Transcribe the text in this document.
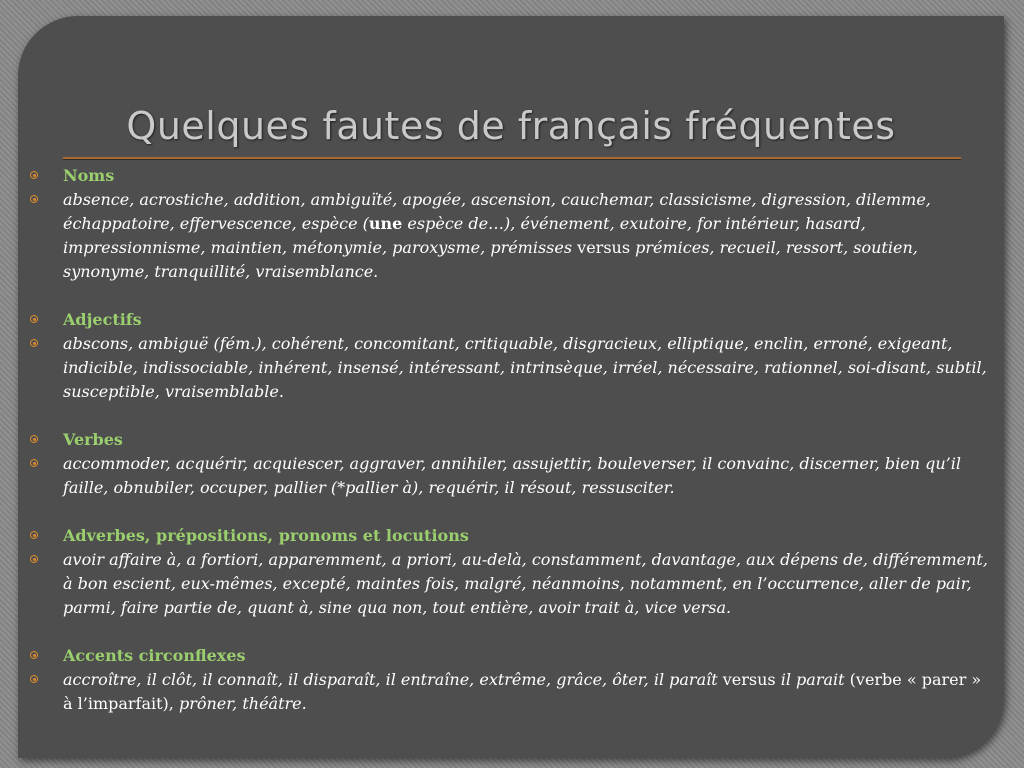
Quelques fautes de français fréquentes
Noms
absence, acrostiche, addition, ambiguïté, apogée, ascension, cauchemar, classicisme, digression, dilemme, échappatoire, effervescence, espèce (une espèce de…), événement, exutoire, for intérieur, hasard, impressionnisme, maintien, métonymie, paroxysme, prémisses versus prémices, recueil, ressort, soutien, synonyme, tranquillité, vraisemblance.
Adjectifs
abscons, ambiguë (fém.), cohérent, concomitant, critiquable, disgracieux, elliptique, enclin, erroné, exigeant, indicible, indissociable, inhérent, insensé, intéressant, intrinsèque, irréel, nécessaire, rationnel, soi-disant, subtil, susceptible, vraisemblable.
Verbes
accommoder, acquérir, acquiescer, aggraver, annihiler, assujettir, bouleverser, il convainc, discerner, bien qu’il faille, obnubiler, occuper, pallier (*pallier à), requérir, il résout, ressusciter.
Adverbes, prépositions, pronoms et locutions
avoir affaire à, a fortiori, apparemment, a priori, au-delà, constamment, davantage, aux dépens de, différemment, à bon escient, eux-mêmes, excepté, maintes fois, malgré, néanmoins, notamment, en l’occurrence, aller de pair, parmi, faire partie de, quant à, sine qua non, tout entière, avoir trait à, vice versa.
Accents circonflexes
accroître, il clôt, il connaît, il disparaît, il entraîne, extrême, grâce, ôter, il paraît versus il parait (verbe « parer » à l’imparfait), prôner, théâtre.
